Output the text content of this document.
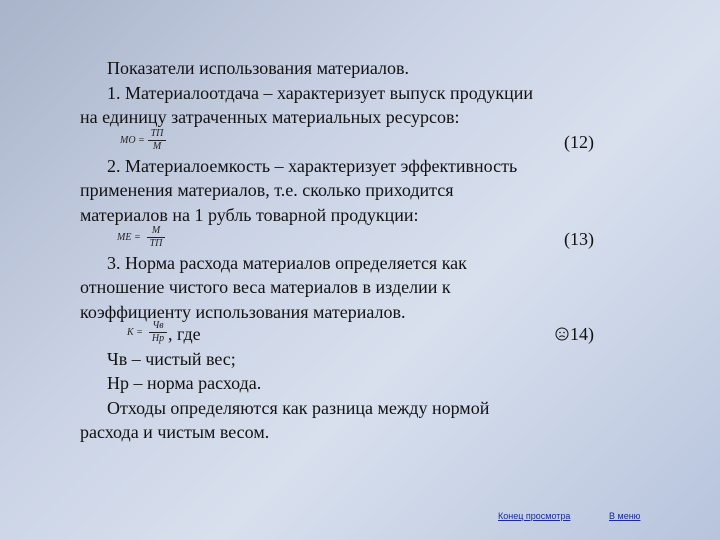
Показатели использования материалов.
1. Материалоотдача – характеризует выпуск продукции
на единицу затраченных материальных ресурсов:
МО =
ТП
М	(12)
2. Материалоемкость – характеризует эффективность
применения материалов, т.е. сколько приходится
материалов на 1 рубль товарной продукции:
МЕ =
М
ТП	(13)
3. Норма расхода материалов определяется как
отношение чистого веса материалов в изделии к
коэффициенту использования материалов.
К =
Чв
Нр , где	14)
Чв – чистый вес;
Нр – норма расхода.
Отходы определяются как разница между нормой
расхода и чистым весом.
Конец просмотра	В меню
